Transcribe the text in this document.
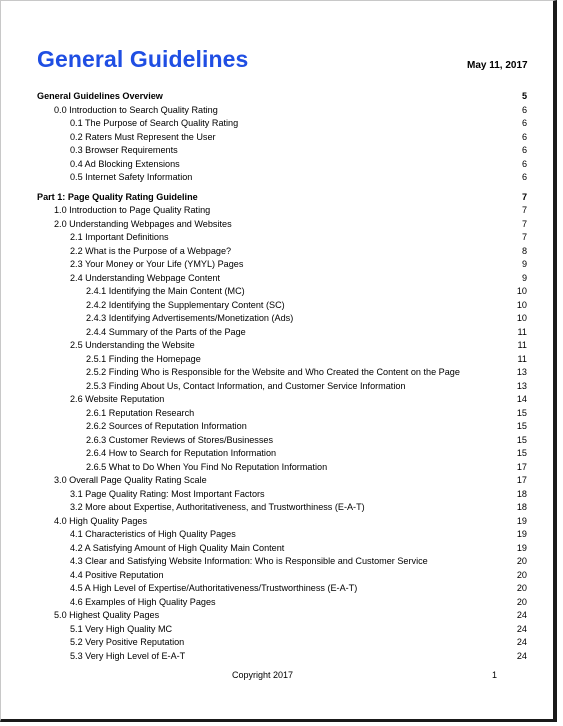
General Guidelines	May 11, 2017
General Guidelines Overview	5
0.0 Introduction to Search Quality Rating	6
0.1 The Purpose of Search Quality Rating	6
0.2 Raters Must Represent the User	6
0.3 Browser Requirements	6
0.4 Ad Blocking Extensions	6
0.5 Internet Safety Information	6
Part 1: Page Quality Rating Guideline	7
1.0 Introduction to Page Quality Rating	7
2.0 Understanding Webpages and Websites	7
2.1 Important Definitions	7
2.2 What is the Purpose of a Webpage?	8
2.3 Your Money or Your Life (YMYL) Pages	9
2.4 Understanding Webpage Content	9
2.4.1 Identifying the Main Content (MC)	10
2.4.2 Identifying the Supplementary Content (SC)	10
2.4.3 Identifying Advertisements/Monetization (Ads)	10
2.4.4 Summary of the Parts of the Page	11
2.5 Understanding the Website	11
2.5.1 Finding the Homepage	11
2.5.2 Finding Who is Responsible for the Website and Who Created the Content on the Page	13
2.5.3 Finding About Us, Contact Information, and Customer Service Information	13
2.6 Website Reputation	14
2.6.1 Reputation Research	15
2.6.2 Sources of Reputation Information	15
2.6.3 Customer Reviews of Stores/Businesses	15
2.6.4 How to Search for Reputation Information	15
2.6.5 What to Do When You Find No Reputation Information	17
3.0 Overall Page Quality Rating Scale	17
3.1 Page Quality Rating: Most Important Factors	18
3.2 More about Expertise, Authoritativeness, and Trustworthiness (E-A-T)	18
4.0 High Quality Pages	19
4.1 Characteristics of High Quality Pages	19
4.2 A Satisfying Amount of High Quality Main Content	19
4.3 Clear and Satisfying Website Information: Who is Responsible and Customer Service	20
4.4 Positive Reputation	20
4.5 A High Level of Expertise/Authoritativeness/Trustworthiness (E-A-T)	20
4.6 Examples of High Quality Pages	20
5.0 Highest Quality Pages	24
5.1 Very High Quality MC	24
5.2 Very Positive Reputation	24
5.3 Very High Level of E-A-T	24
Copyright 2017	1
